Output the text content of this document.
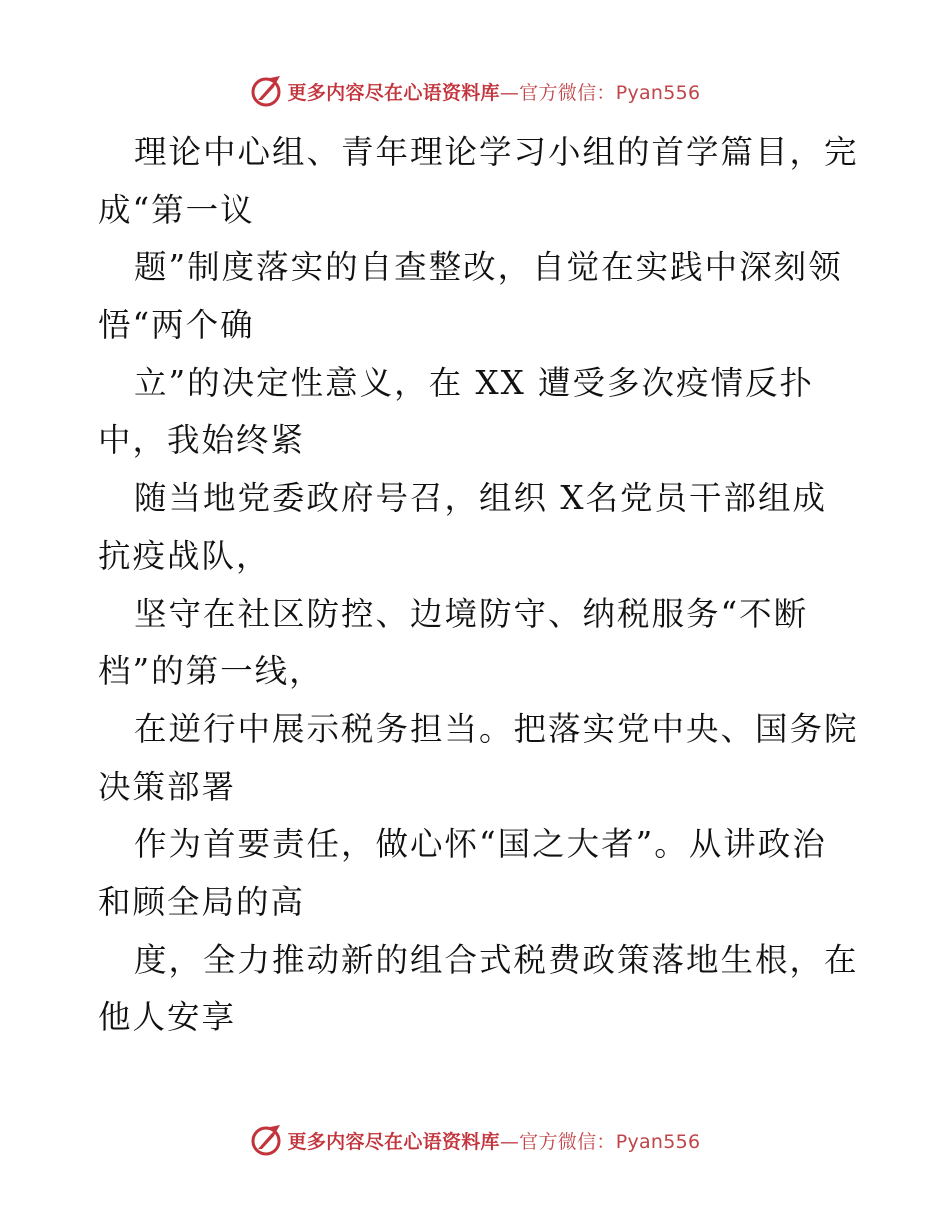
更多内容尽在心语资料库—官方微信：Pyan556
理论中心组、青年理论学习小组的首学篇目，完
成“第一议
题”制度落实的自查整改，自觉在实践中深刻领
悟“两个确
立”的决定性意义，在 XX 遭受多次疫情反扑
中，我始终紧
随当地党委政府号召，组织 X名党员干部组成
抗疫战队，
坚守在社区防控、边境防守、纳税服务“不断
档”的第一线，
在逆行中展示税务担当。把落实党中央、国务院
决策部署
作为首要责任，做心怀“国之大者”。从讲政治
和顾全局的高
度，全力推动新的组合式税费政策落地生根，在
他人安享
更多内容尽在心语资料库—官方微信：Pyan556
